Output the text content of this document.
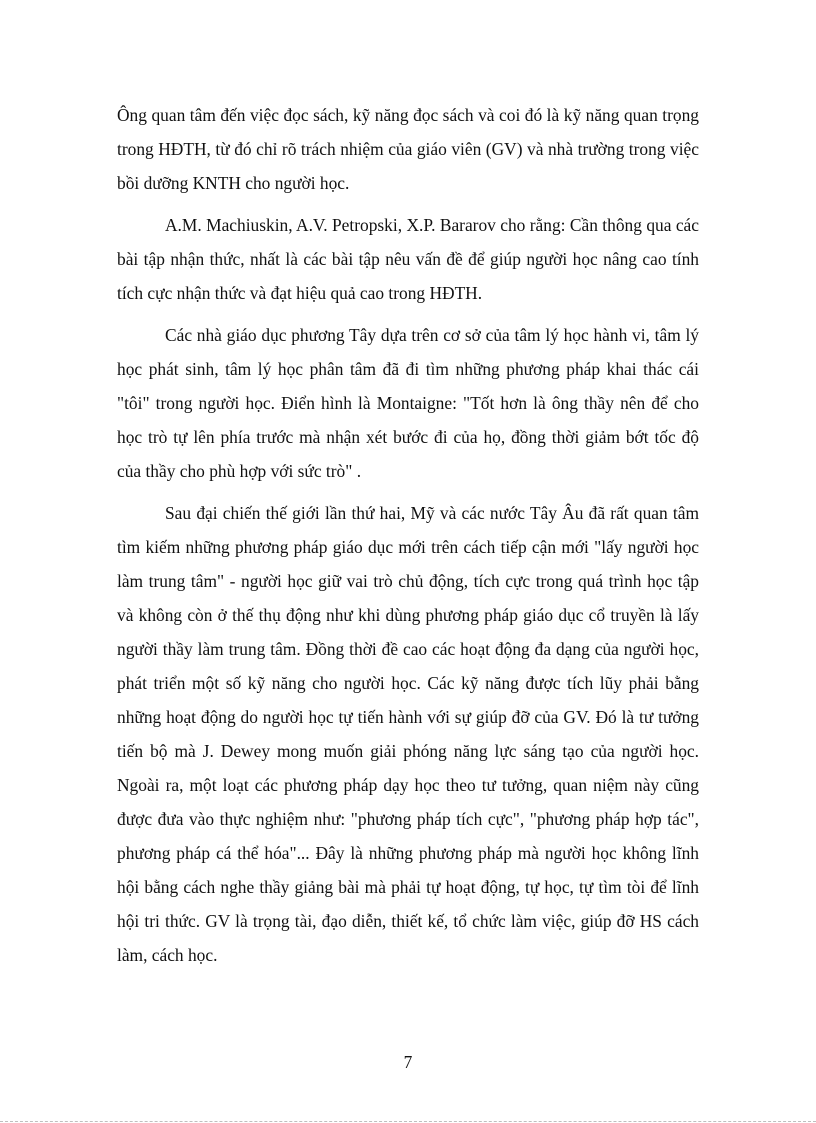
Ông quan tâm đến việc đọc sách, kỹ năng đọc sách và coi đó là kỹ năng quan trọng trong HĐTH, từ đó chỉ rõ trách nhiệm của giáo viên (GV) và nhà trường trong việc bồi dưỡng KNTH cho người học.

A.M. Machiuskin, A.V. Petropski, X.P. Bararov cho rằng: Cần thông qua các bài tập nhận thức, nhất là các bài tập nêu vấn đề để giúp người học nâng cao tính tích cực nhận thức và đạt hiệu quả cao trong HĐTH.

Các nhà giáo dục phương Tây dựa trên cơ sở của tâm lý học hành vi, tâm lý học phát sinh, tâm lý học phân tâm đã đi tìm những phương pháp khai thác cái "tôi" trong người học. Điển hình là Montaigne: "Tốt hơn là ông thầy nên để cho học trò tự lên phía trước mà nhận xét bước đi của họ, đồng thời giảm bớt tốc độ của thầy cho phù hợp với sức trò" .

Sau đại chiến thế giới lần thứ hai, Mỹ và các nước Tây Âu đã rất quan tâm tìm kiếm những phương pháp giáo dục mới trên cách tiếp cận mới "lấy người học làm trung tâm" - người học giữ vai trò chủ động, tích cực trong quá trình học tập và không còn ở thế thụ động như khi dùng phương pháp giáo dục cổ truyền là lấy người thầy làm trung tâm. Đồng thời đề cao các hoạt động đa dạng của người học, phát triển một số kỹ năng cho người học. Các kỹ năng được tích lũy phải bằng những hoạt động do người học tự tiến hành với sự giúp đỡ của GV. Đó là tư tưởng tiến bộ mà J. Dewey mong muốn giải phóng năng lực sáng tạo của người học. Ngoài ra, một loạt các phương pháp dạy học theo tư tưởng, quan niệm này cũng được đưa vào thực nghiệm như: "phương pháp tích cực", "phương pháp hợp tác", phương pháp cá thể hóa"... Đây là những phương pháp mà người học không lĩnh hội bằng cách nghe thầy giảng bài mà phải tự hoạt động, tự học, tự tìm tòi để lĩnh hội tri thức. GV là trọng tài, đạo diễn, thiết kế, tổ chức làm việc, giúp đỡ HS cách làm, cách học.

7
